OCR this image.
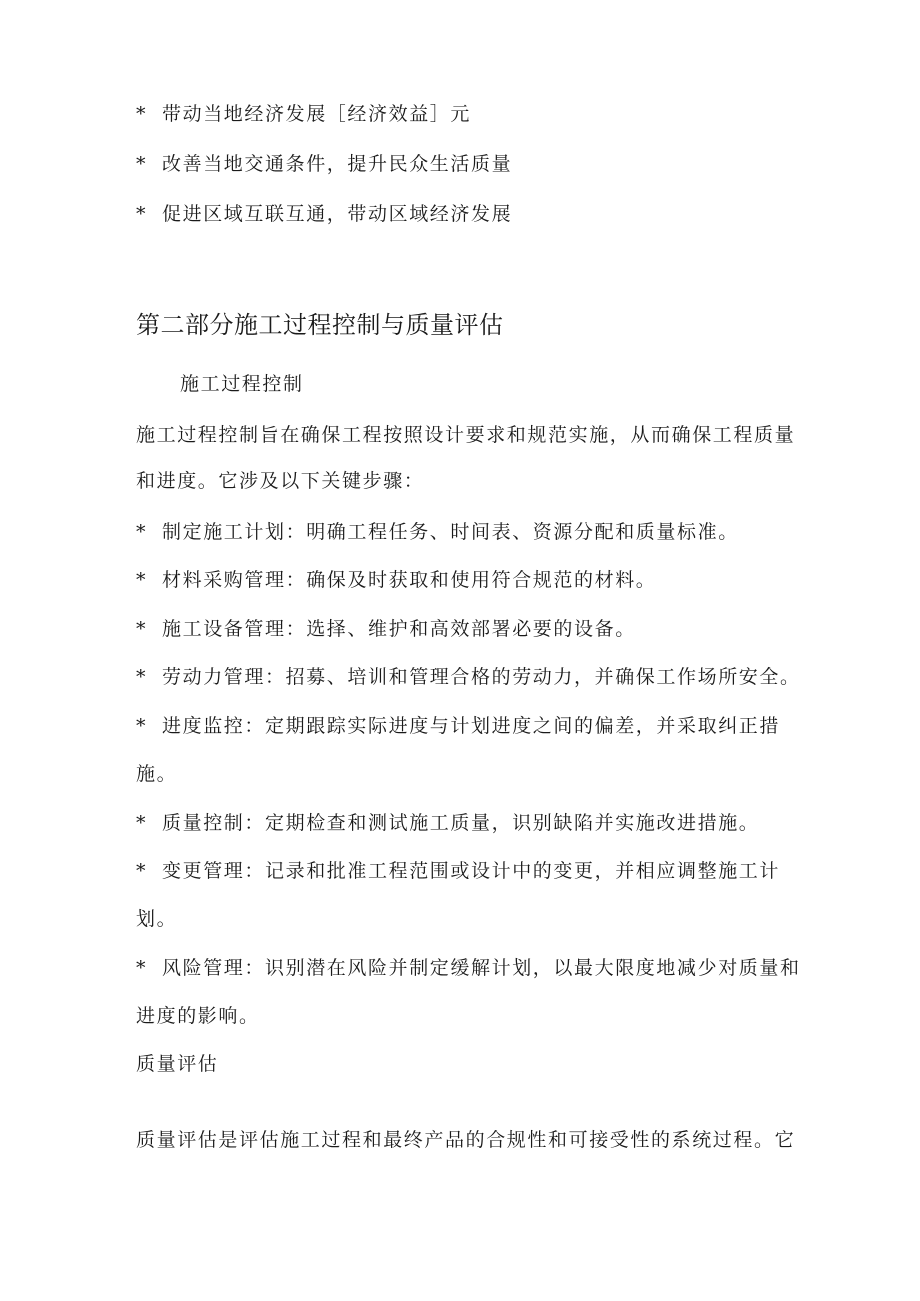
* 带动当地经济发展［经济效益］元
* 改善当地交通条件，提升民众生活质量
* 促进区域互联互通，带动区域经济发展
第二部分施工过程控制与质量评估
施工过程控制
施工过程控制旨在确保工程按照设计要求和规范实施，从而确保工程质量
和进度。它涉及以下关键步骤：
* 制定施工计划：明确工程任务、时间表、资源分配和质量标准。
* 材料采购管理：确保及时获取和使用符合规范的材料。
* 施工设备管理：选择、维护和高效部署必要的设备。
* 劳动力管理：招募、培训和管理合格的劳动力，并确保工作场所安全。
* 进度监控：定期跟踪实际进度与计划进度之间的偏差，并采取纠正措
施。
* 质量控制：定期检查和测试施工质量，识别缺陷并实施改进措施。
* 变更管理：记录和批准工程范围或设计中的变更，并相应调整施工计
划。
* 风险管理：识别潜在风险并制定缓解计划，以最大限度地减少对质量和
进度的影响。
质量评估
质量评估是评估施工过程和最终产品的合规性和可接受性的系统过程。它
